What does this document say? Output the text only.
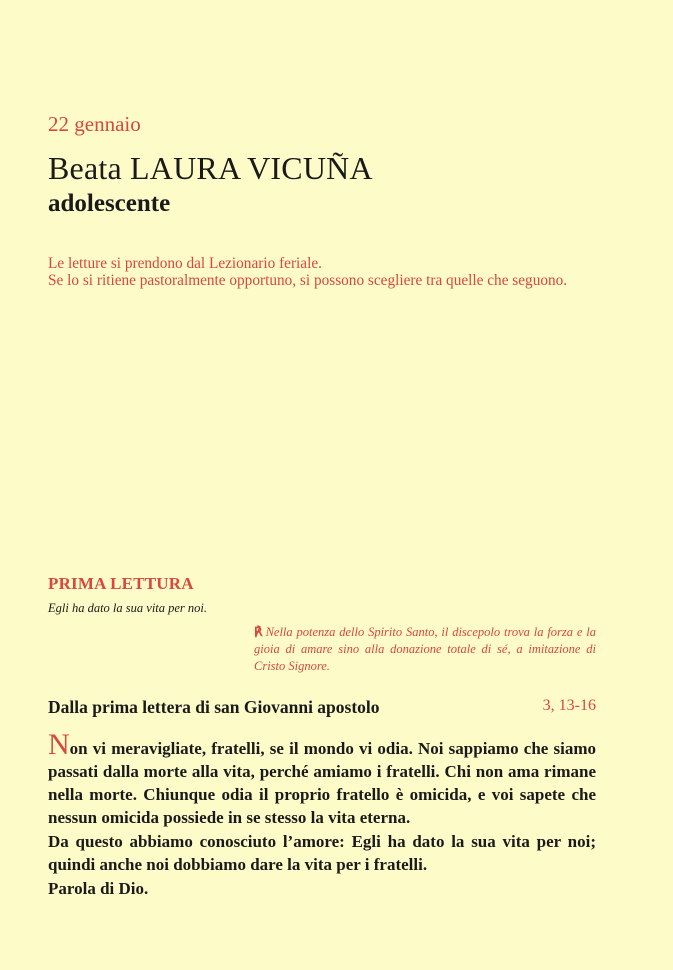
22 gennaio
Beata LAURA VICUÑA
adolescente
Le letture si prendono dal Lezionario feriale.
Se lo si ritiene pastoralmente opportuno, si possono scegliere tra quelle che seguono.
PRIMA LETTURA
Egli ha dato la sua vita per noi.
℟ Nella potenza dello Spirito Santo, il discepolo trova la forza e la gioia di amare sino alla donazione totale di sé, a imitazione di Cristo Signore.
Dalla prima lettera di san Giovanni apostolo	3, 13-16
Non vi meravigliate, fratelli, se il mondo vi odia. Noi sappiamo che siamo passati dalla morte alla vita, perché amiamo i fratelli. Chi non ama rimane nella morte. Chiunque odia il proprio fratello è omicida, e voi sapete che nessun omicida possiede in se stesso la vita eterna.
Da questo abbiamo conosciuto l’amore: Egli ha dato la sua vita per noi; quindi anche noi dobbiamo dare la vita per i fratelli.
Parola di Dio.
